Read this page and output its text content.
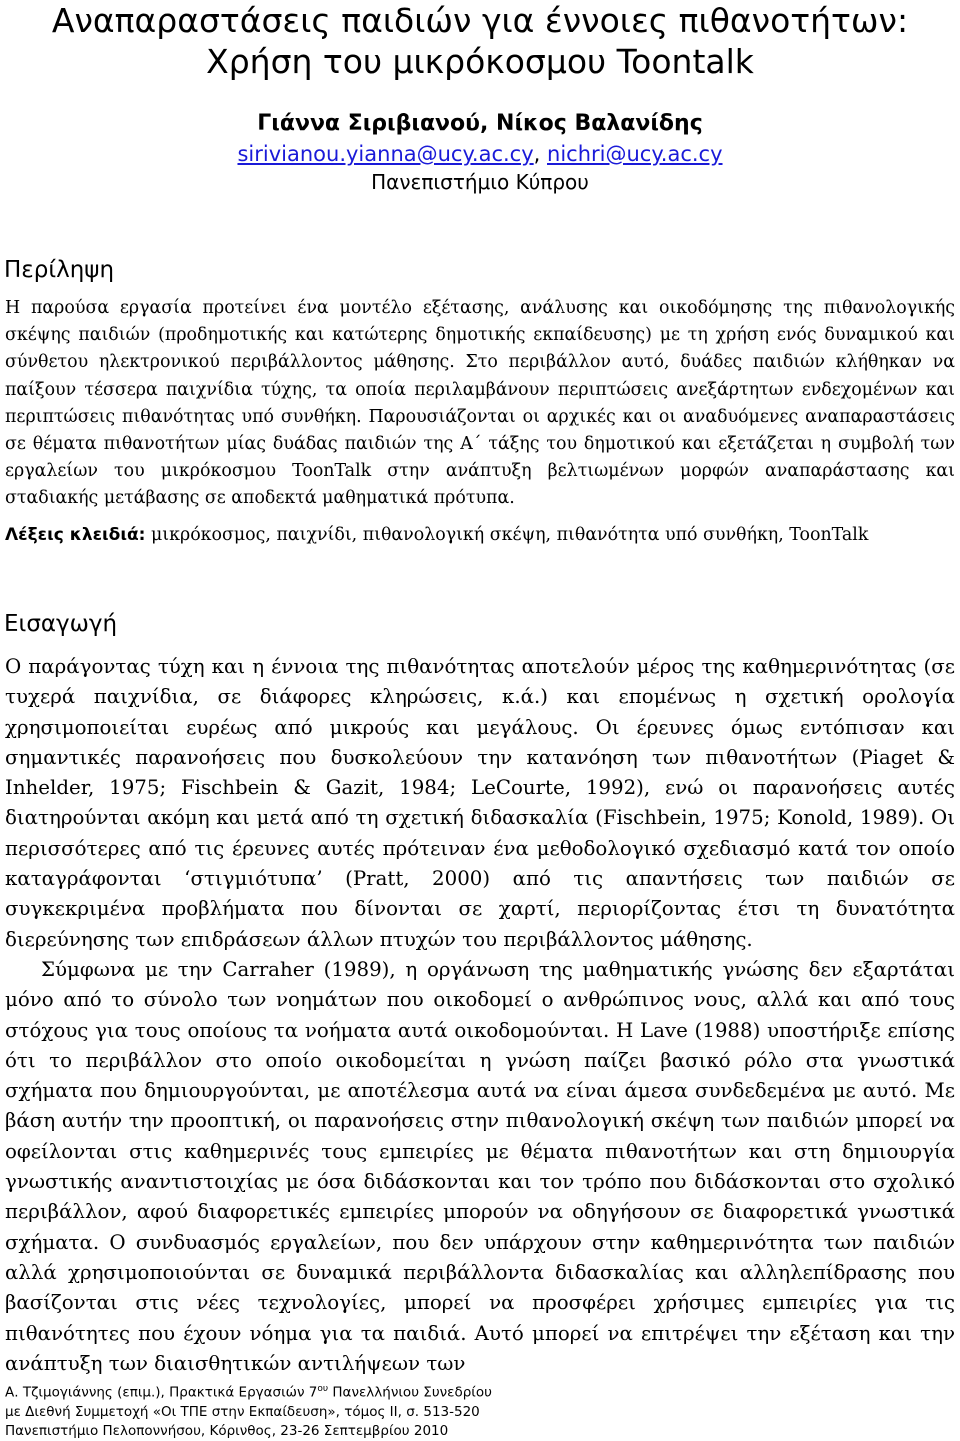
Αναπαραστάσεις παιδιών για έννοιες πιθανοτήτων:
Χρήση του μικρόκοσμου Toontalk
Γιάννα Σιριβιανού, Νίκος Βαλανίδης
sirivianou.yianna@ucy.ac.cy, nichri@ucy.ac.cy
Πανεπιστήμιο Κύπρου
Περίληψη

Η παρούσα εργασία προτείνει ένα μοντέλο εξέτασης, ανάλυσης και οικοδόμησης της πιθανολογικής σκέψης παιδιών (προδημοτικής και κατώτερης δημοτικής εκπαίδευσης) με τη χρήση ενός δυναμικού και σύνθετου ηλεκτρονικού περιβάλλοντος μάθησης. Στο περιβάλλον αυτό, δυάδες παιδιών κλήθηκαν να παίξουν τέσσερα παιχνίδια τύχης, τα οποία περιλαμβάνουν περιπτώσεις ανεξάρτητων ενδεχομένων και περιπτώσεις πιθανότητας υπό συνθήκη. Παρουσιάζονται οι αρχικές και οι αναδυόμενες αναπαραστάσεις σε θέματα πιθανοτήτων μίας δυάδας παιδιών της Α΄ τάξης του δημοτικού και εξετάζεται η συμβολή των εργαλείων του μικρόκοσμου ToonTalk στην ανάπτυξη βελτιωμένων μορφών αναπαράστασης και σταδιακής μετάβασης σε αποδεκτά μαθηματικά πρότυπα.

Λέξεις κλειδιά: μικρόκοσμος, παιχνίδι, πιθανολογική σκέψη, πιθανότητα υπό συνθήκη, ToonTalk

Εισαγωγή

Ο παράγοντας τύχη και η έννοια της πιθανότητας αποτελούν μέρος της καθημερινότητας (σε τυχερά παιχνίδια, σε διάφορες κληρώσεις, κ.ά.) και επομένως η σχετική ορολογία χρησιμοποιείται ευρέως από μικρούς και μεγάλους. Οι έρευνες όμως εντόπισαν και σημαντικές παρανοήσεις που δυσκολεύουν την κατανόηση των πιθανοτήτων (Piaget & Inhelder, 1975; Fischbein & Gazit, 1984; LeCourte, 1992), ενώ οι παρανοήσεις αυτές διατηρούνται ακόμη και μετά από τη σχετική διδασκαλία (Fischbein, 1975; Konold, 1989). Οι περισσότερες από τις έρευνες αυτές πρότειναν ένα μεθοδολογικό σχεδιασμό κατά τον οποίο καταγράφονται ‘στιγμιότυπα’ (Pratt, 2000) από τις απαντήσεις των παιδιών σε συγκεκριμένα προβλήματα που δίνονται σε χαρτί, περιορίζοντας έτσι τη δυνατότητα διερεύνησης των επιδράσεων άλλων πτυχών του περιβάλλοντος μάθησης.

Σύμφωνα με την Carraher (1989), η οργάνωση της μαθηματικής γνώσης δεν εξαρτάται μόνο από το σύνολο των νοημάτων που οικοδομεί ο ανθρώπινος νους, αλλά και από τους στόχους για τους οποίους τα νοήματα αυτά οικοδομούνται. Η Lave (1988) υποστήριξε επίσης ότι το περιβάλλον στο οποίο οικοδομείται η γνώση παίζει βασικό ρόλο στα γνωστικά σχήματα που δημιουργούνται, με αποτέλεσμα αυτά να είναι άμεσα συνδεδεμένα με αυτό. Με βάση αυτήν την προοπτική, οι παρανοήσεις στην πιθανολογική σκέψη των παιδιών μπορεί να οφείλονται στις καθημερινές τους εμπειρίες με θέματα πιθανοτήτων και στη δημιουργία γνωστικής αναντιστοιχίας με όσα διδάσκονται και τον τρόπο που διδάσκονται στο σχολικό περιβάλλον, αφού διαφορετικές εμπειρίες μπορούν να οδηγήσουν σε διαφορετικά γνωστικά σχήματα. Ο συνδυασμός εργαλείων, που δεν υπάρχουν στην καθημερινότητα των παιδιών αλλά χρησιμοποιούνται σε δυναμικά περιβάλλοντα διδασκαλίας και αλληλεπίδρασης που βασίζονται στις νέες τεχνολογίες, μπορεί να προσφέρει χρήσιμες εμπειρίες για τις πιθανότητες που έχουν νόημα για τα παιδιά. Αυτό μπορεί να επιτρέψει την εξέταση και την ανάπτυξη των διαισθητικών αντιλήψεων των

Α. Τζιμογιάννης (επιμ.), Πρακτικά Εργασιών $7^{o\upsilon}$ Πανελλήνιου Συνεδρίου
με Διεθνή Συμμετοχή «Οι ΤΠΕ στην Εκπαίδευση», τόμος ΙΙ, σ. 513-520
Πανεπιστήμιο Πελοποννήσου, Κόρινθος, 23-26 Σεπτεμβρίου 2010
